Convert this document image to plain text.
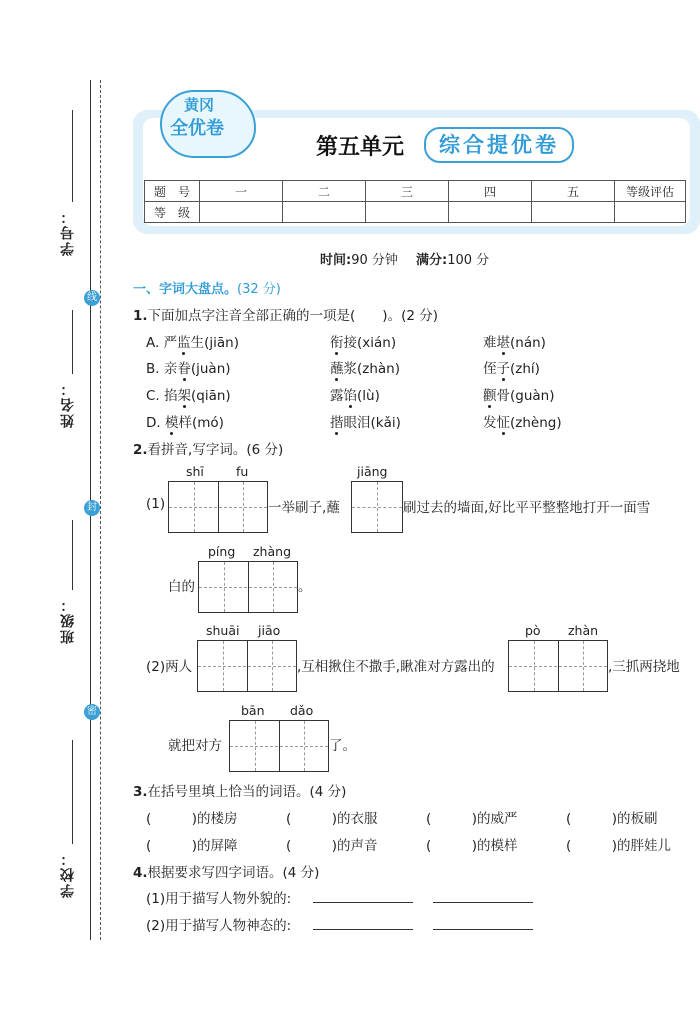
学号：
线
姓名：
封
班级：
密
学校：
黄冈
全优卷
第五单元	综合提优卷
题　号	一	二	三	四	五	等级评估
等　级						
时间:90 分钟 满分:100 分
一、字词大盘点。(32 分)
1.下面加点字注音全部正确的一项是(　　)。(2 分)
A. 严监生(jiān)	衔接(xián)	难堪(nán)
B. 亲眷(juàn)	蘸浆(zhàn)	侄子(zhí)
C. 掐架(qiān)	露馅(lù)	颧骨(guàn)
D. 模样(mó)	揩眼泪(kǎi)	发怔(zhèng)
2.看拼音,写字词。(6 分)
(1)
shī	fu
一举刷子,蘸
jiāng
刷过去的墙面,好比平平整整地打开一面雪
píng zhàng
白的	。
(2)两人
shuāi jiāo
,互相揪住不撒手,瞅准对方露出的
pò zhàn
,三抓两挠地
bān dǎo
就把对方	了。
3.在括号里填上恰当的词语。(4 分)
(　　　)的楼房	(　　　)的衣服	(　　　)的威严	(　　　)的板刷
(　　　)的屏障	(　　　)的声音	(　　　)的模样	(　　　)的胖娃儿
4.根据要求写四字词语。(4 分)
(1)用于描写人物外貌的:
(2)用于描写人物神态的:
